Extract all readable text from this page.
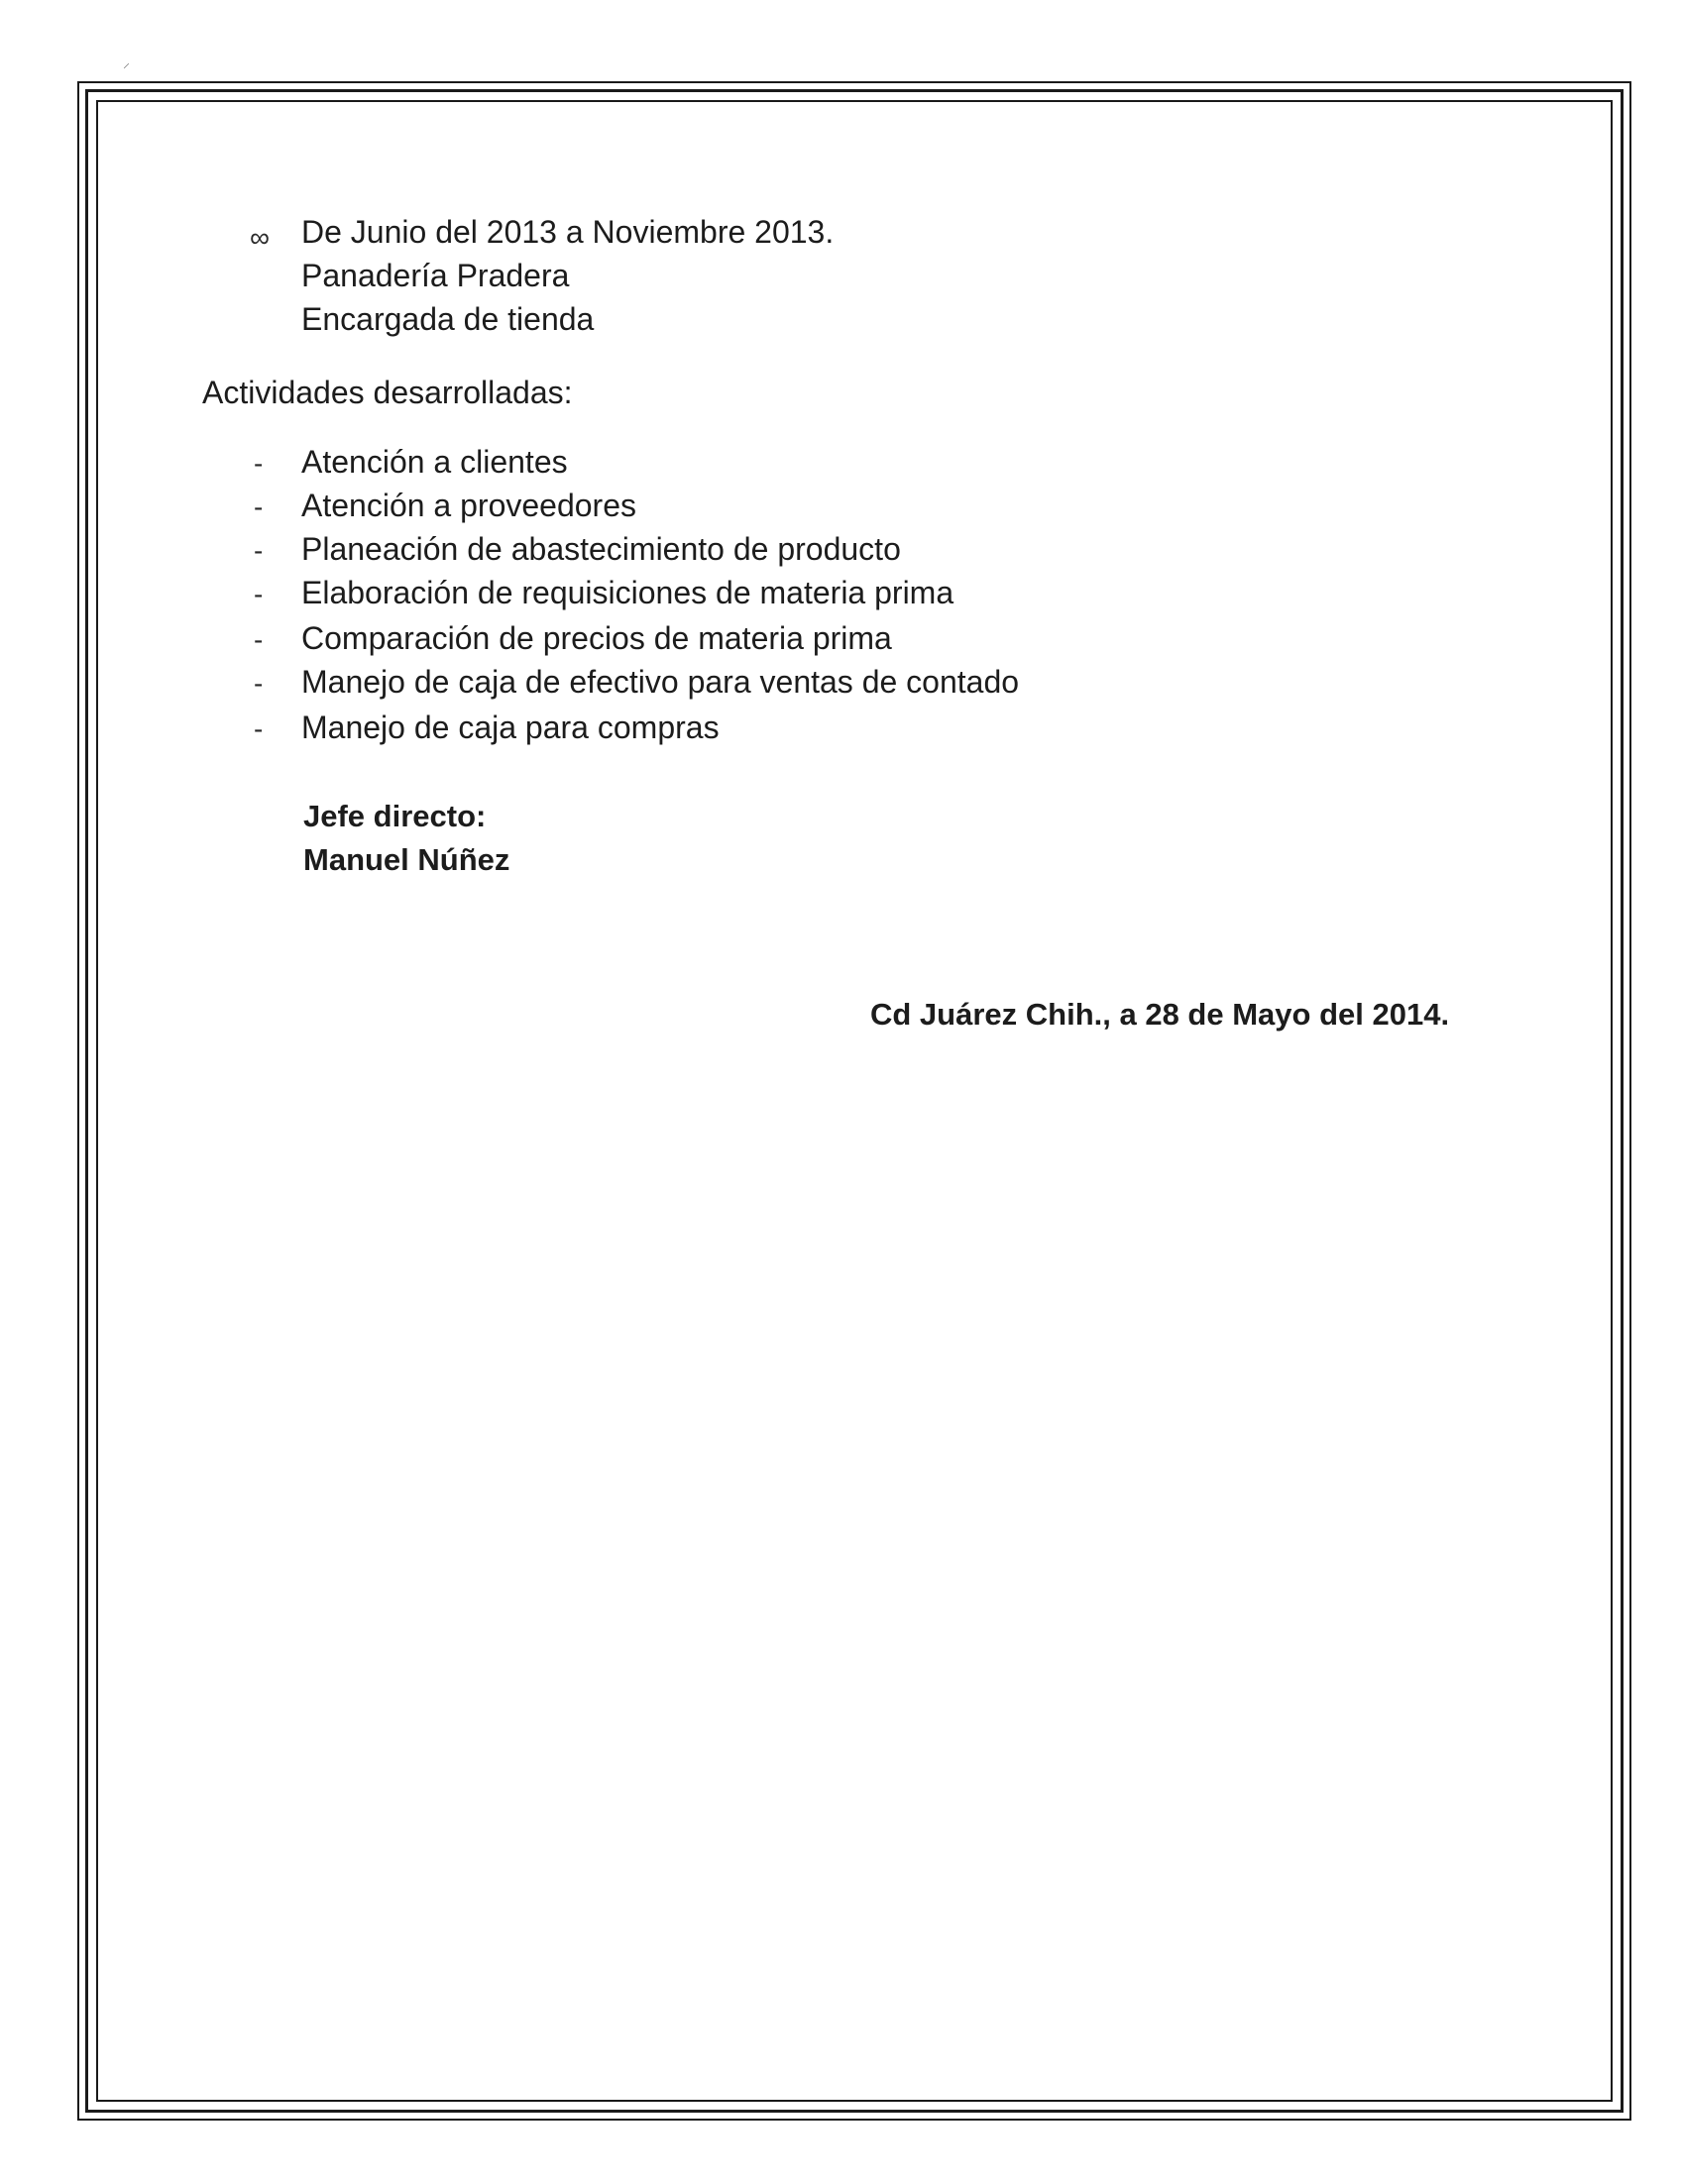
⸝
∞ De Junio del 2013 a Noviembre 2013.
Panadería Pradera
Encargada de tienda
Actividades desarrolladas:
- Atención a clientes
- Atención a proveedores
- Planeación de abastecimiento de producto
- Elaboración de requisiciones de materia prima
- Comparación de precios de materia prima
- Manejo de caja de efectivo para ventas de contado
- Manejo de caja para compras
Jefe directo:
Manuel Núñez
Cd Juárez Chih., a 28 de Mayo del 2014.
